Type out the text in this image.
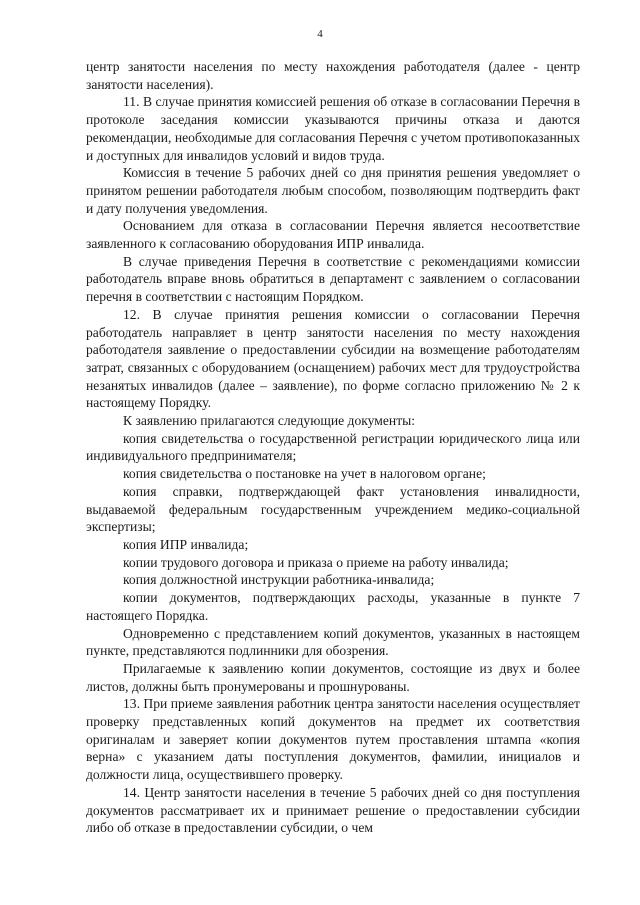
4

центр занятости населения по месту нахождения работодателя (далее - центр занятости населения).

11. В случае принятия комиссией решения об отказе в согласовании Перечня в протоколе заседания комиссии указываются причины отказа и даются рекомендации, необходимые для согласования Перечня с учетом противопоказанных и доступных для инвалидов условий и видов труда.

Комиссия в течение 5 рабочих дней со дня принятия решения уведомляет о принятом решении работодателя любым способом, позволяющим подтвердить факт и дату получения уведомления.

Основанием для отказа в согласовании Перечня является несоответствие заявленного к согласованию оборудования ИПР инвалида.

В случае приведения Перечня в соответствие с рекомендациями комиссии работодатель вправе вновь обратиться в департамент с заявлением о согласовании перечня в соответствии с настоящим Порядком.

12. В случае принятия решения комиссии о согласовании Перечня работодатель направляет в центр занятости населения по месту нахождения работодателя заявление о предоставлении субсидии на возмещение работодателям затрат, связанных с оборудованием (оснащением) рабочих мест для трудоустройства незанятых инвалидов (далее – заявление), по форме согласно приложению № 2 к настоящему Порядку.

К заявлению прилагаются следующие документы:

копия свидетельства о государственной регистрации юридического лица или индивидуального предпринимателя;

копия свидетельства о постановке на учет в налоговом органе;

копия справки, подтверждающей факт установления инвалидности, выдаваемой федеральным государственным учреждением медико-социальной экспертизы;

копия ИПР инвалида;

копии трудового договора и приказа о приеме на работу инвалида;

копия должностной инструкции работника-инвалида;

копии документов, подтверждающих расходы, указанные в пункте 7 настоящего Порядка.

Одновременно с представлением копий документов, указанных в настоящем пункте, представляются подлинники для обозрения.

Прилагаемые к заявлению копии документов, состоящие из двух и более листов, должны быть пронумерованы и прошнурованы.

13. При приеме заявления работник центра занятости населения осуществляет проверку представленных копий документов на предмет их соответствия оригиналам и заверяет копии документов путем проставления штампа «копия верна» с указанием даты поступления документов, фамилии, инициалов и должности лица, осуществившего проверку.

14. Центр занятости населения в течение 5 рабочих дней со дня поступления документов рассматривает их и принимает решение о предоставлении субсидии либо об отказе в предоставлении субсидии, о чем
